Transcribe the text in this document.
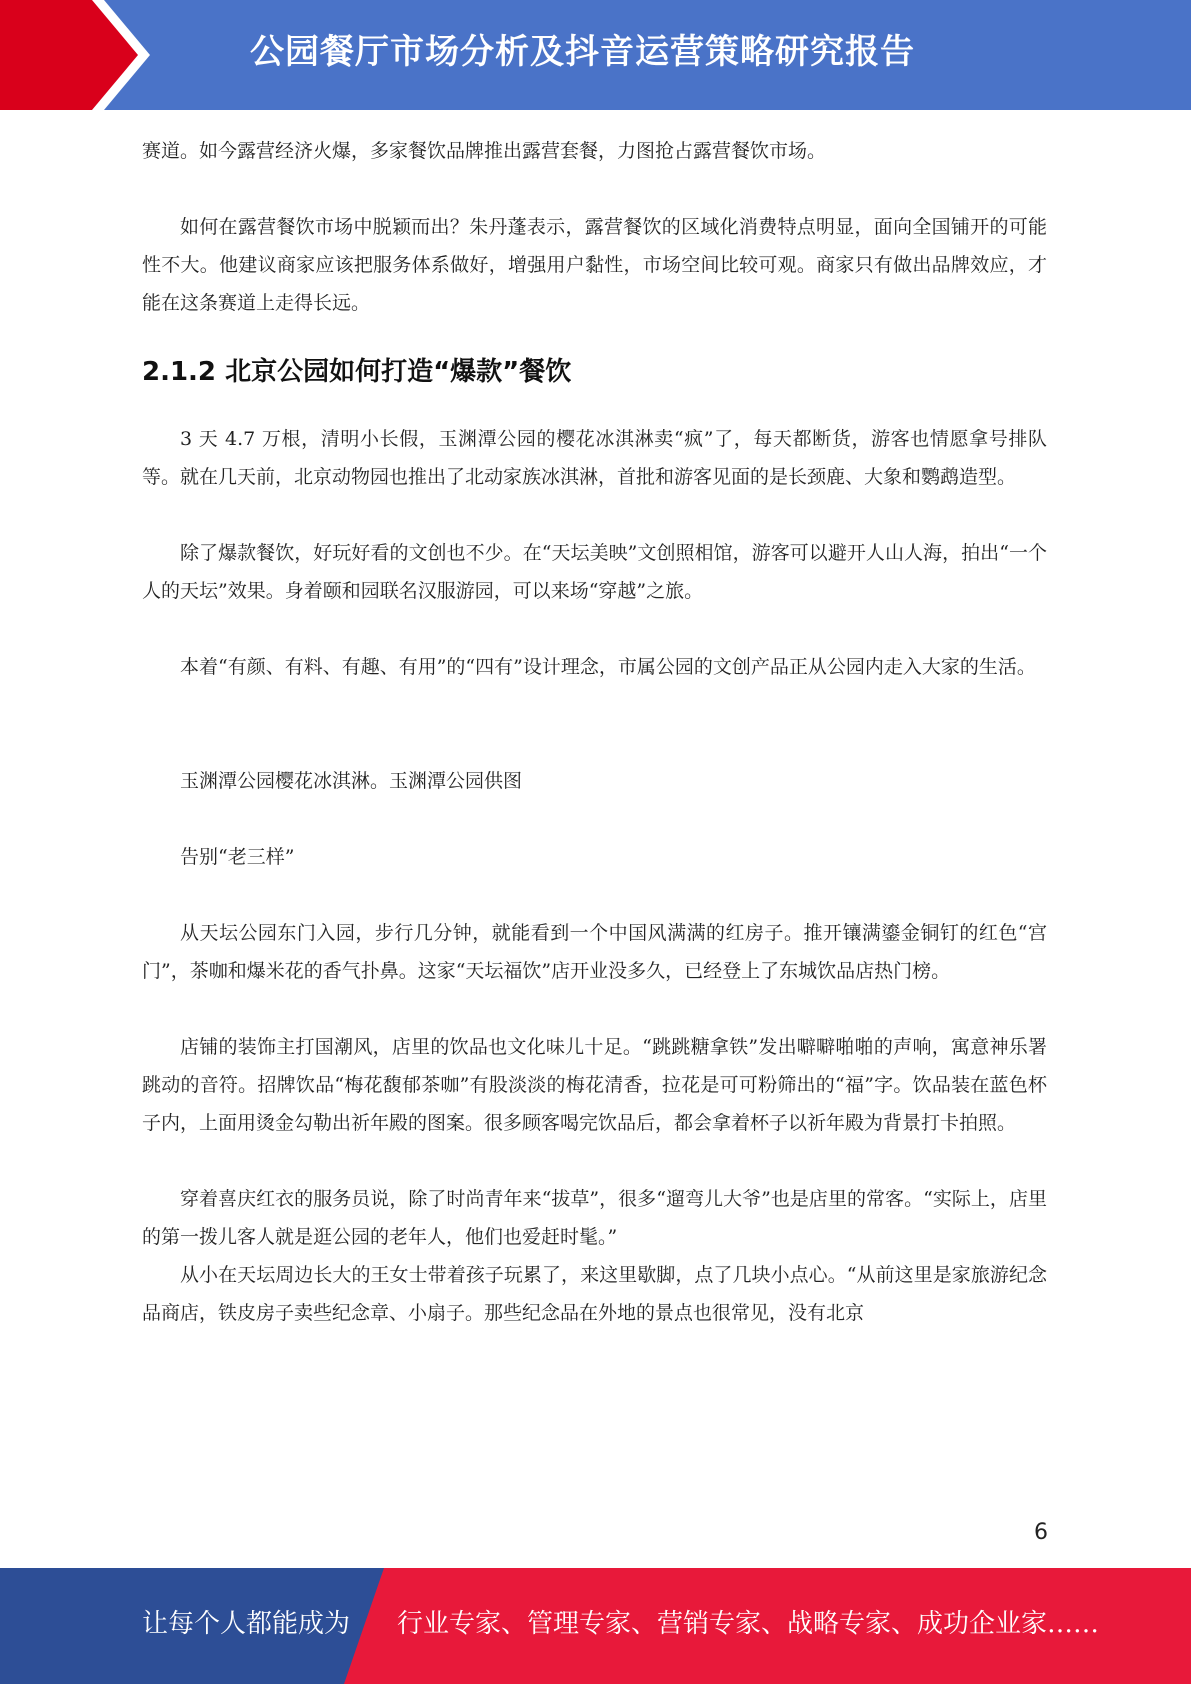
公园餐厅市场分析及抖音运营策略研究报告

赛道。如今露营经济火爆，多家餐饮品牌推出露营套餐，力图抢占露营餐饮市场。

如何在露营餐饮市场中脱颖而出？朱丹蓬表示，露营餐饮的区域化消费特点明显，面向全国铺开的可能性不大。他建议商家应该把服务体系做好，增强用户黏性，市场空间比较可观。商家只有做出品牌效应，才能在这条赛道上走得长远。

2.1.2 北京公园如何打造“爆款”餐饮

3 天 4.7 万根，清明小长假，玉渊潭公园的樱花冰淇淋卖“疯”了，每天都断货，游客也情愿拿号排队等。就在几天前，北京动物园也推出了北动家族冰淇淋，首批和游客见面的是长颈鹿、大象和鹦鹉造型。

除了爆款餐饮，好玩好看的文创也不少。在“天坛美映”文创照相馆，游客可以避开人山人海，拍出“一个人的天坛”效果。身着颐和园联名汉服游园，可以来场“穿越”之旅。

本着“有颜、有料、有趣、有用”的“四有”设计理念，市属公园的文创产品正从公园内走入大家的生活。

玉渊潭公园樱花冰淇淋。玉渊潭公园供图

告别“老三样”

从天坛公园东门入园，步行几分钟，就能看到一个中国风满满的红房子。推开镶满鎏金铜钉的红色“宫门”，茶咖和爆米花的香气扑鼻。这家“天坛福饮”店开业没多久，已经登上了东城饮品店热门榜。

店铺的装饰主打国潮风，店里的饮品也文化味儿十足。“跳跳糖拿铁”发出噼噼啪啪的声响，寓意神乐署跳动的音符。招牌饮品“梅花馥郁茶咖”有股淡淡的梅花清香，拉花是可可粉筛出的“福”字。饮品装在蓝色杯子内，上面用烫金勾勒出祈年殿的图案。很多顾客喝完饮品后，都会拿着杯子以祈年殿为背景打卡拍照。

穿着喜庆红衣的服务员说，除了时尚青年来“拔草”，很多“遛弯儿大爷”也是店里的常客。“实际上，店里的第一拨儿客人就是逛公园的老年人，他们也爱赶时髦。”

从小在天坛周边长大的王女士带着孩子玩累了，来这里歇脚，点了几块小点心。“从前这里是家旅游纪念品商店，铁皮房子卖些纪念章、小扇子。那些纪念品在外地的景点也很常见，没有北京

6
让每个人都能成为 行业专家、管理专家、营销专家、战略专家、成功企业家……
